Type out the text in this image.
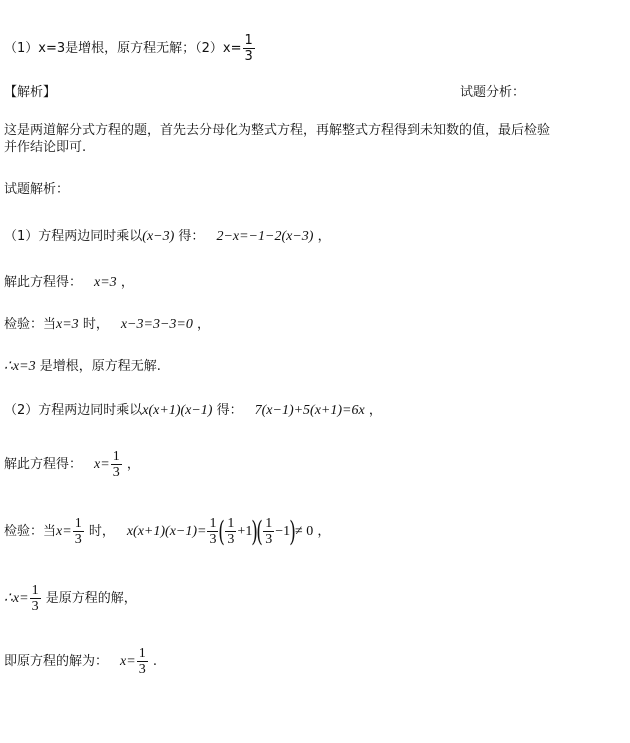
（1）x=3是增根，原方程无解；$(2)x= \frac{1}{3}$
【解析】	试题分析：
这是两道解分式方程的题，首先去分母化为整式方程，再解整式方程得到未知数的值，最后检验
并作结论即可.
试题解析：
（1）方程两边同时乘以(x−3) 得： 2−x=−1−2(x−3) ，
解此方程得： x=3 ，
检验：当x=3 时， x−3=3−3=0 ，
∴x=3 是增根，原方程无解.
（2）方程两边同时乘以x(x+1)(x−1) 得： 7(x−1)+5(x+1)=6x ，
解此方程得： $x= \frac{1}{3}$ ，
检验：当$x= \frac{1}{3}$ 时， $x(x+1)(x-1)= \frac{1}{3}$ ( $\frac{1}{3} +1)( \frac{1}{3} -1)\ne 0$ ，
∴x= $\frac{1}{3}$ 是原方程的解，
即原方程的解为： $x= \frac{1}{3}$ .
